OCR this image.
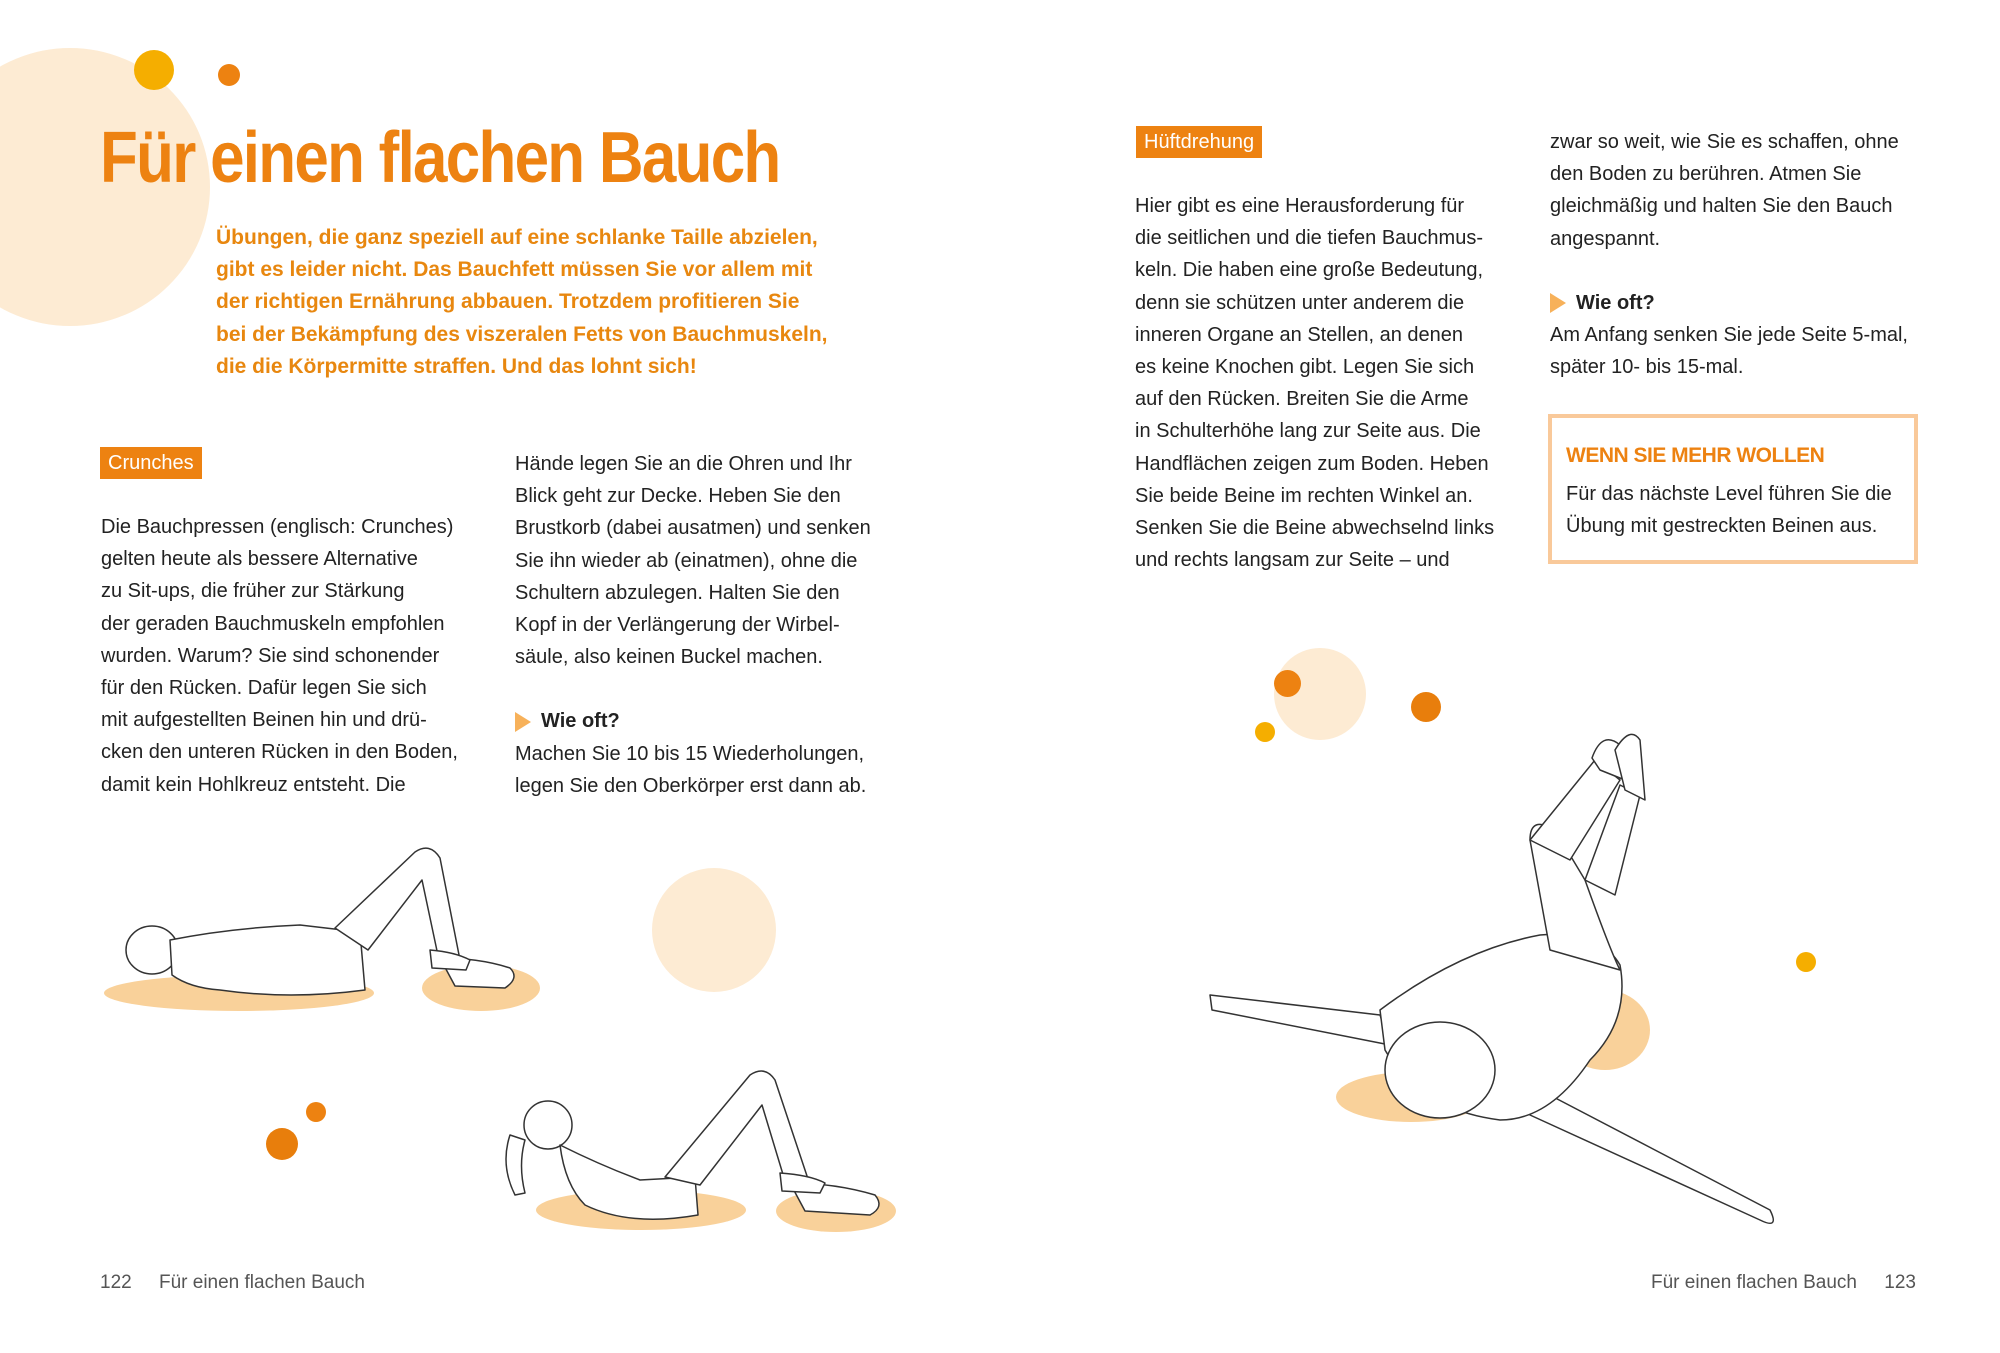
Für einen flachen Bauch

Übungen, die ganz speziell auf eine schlanke Taille abzielen,

gibt es leider nicht. Das Bauchfett müssen Sie vor allem mit

der richtigen Ernährung abbauen. Trotzdem profitieren Sie

bei der Bekämpfung des viszeralen Fetts von Bauchmuskeln,

die die Körpermitte straffen. Und das lohnt sich!

Crunches

Die Bauchpressen (englisch: Crunches)

gelten heute als bessere Alternative

zu Sit-ups, die früher zur Stärkung

der geraden Bauchmuskeln empfohlen

wurden. Warum? Sie sind schonender

für den Rücken. Dafür legen Sie sich

mit aufgestellten Beinen hin und drü-

cken den unteren Rücken in den Boden,

damit kein Hohlkreuz entsteht. Die

Hände legen Sie an die Ohren und Ihr

Blick geht zur Decke. Heben Sie den

Brustkorb (dabei ausatmen) und senken

Sie ihn wieder ab (einatmen), ohne die

Schultern abzulegen. Halten Sie den

Kopf in der Verlängerung der Wirbel-

säule, also keinen Buckel machen.

Wie oft?

Machen Sie 10 bis 15 Wiederholungen,

legen Sie den Oberkörper erst dann ab.

122 Für einen flachen Bauch
Hüftdrehung

Hier gibt es eine Herausforderung für

die seitlichen und die tiefen Bauchmus-

keln. Die haben eine große Bedeutung,

denn sie schützen unter anderem die

inneren Organe an Stellen, an denen

es keine Knochen gibt. Legen Sie sich

auf den Rücken. Breiten Sie die Arme

in Schulterhöhe lang zur Seite aus. Die

Handflächen zeigen zum Boden. Heben

Sie beide Beine im rechten Winkel an.

Senken Sie die Beine abwechselnd links

und rechts langsam zur Seite – und

zwar so weit, wie Sie es schaffen, ohne

den Boden zu berühren. Atmen Sie

gleichmäßig und halten Sie den Bauch

angespannt.

Wie oft?

Am Anfang senken Sie jede Seite 5-mal,

später 10- bis 15-mal.

WENN SIE MEHR WOLLEN

Für das nächste Level führen Sie die

Übung mit gestreckten Beinen aus.

Für einen flachen Bauch 123
